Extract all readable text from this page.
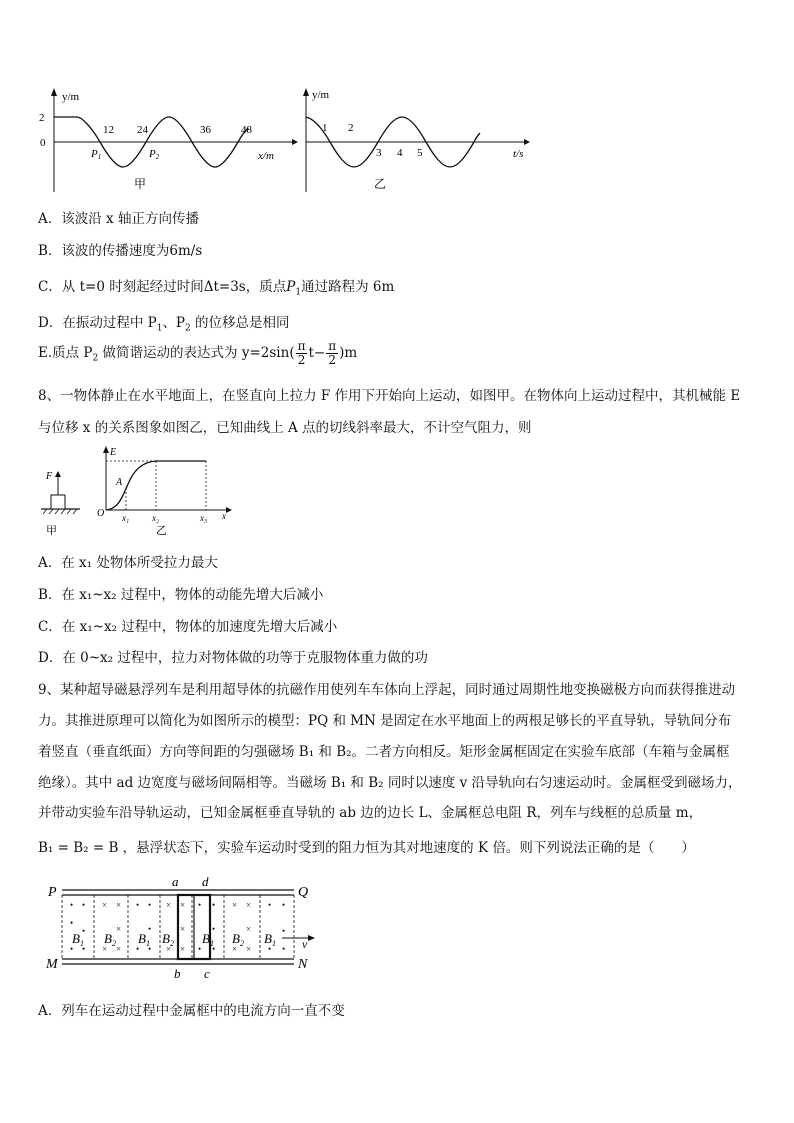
y/m
2
0
12 24	36	48
x/m
P1	P2
甲
y/m
1 2
3 4 5	t/s
乙
A．该波沿 x 轴正方向传播
B．该波的传播速度为6m/s
C．从 t=0 时刻起经过时间Δt=3s，质点$P_1$通过路程为 6m
D．在振动过程中 $P_1$、$P_2$ 的位移总是相同
E.质点 $P_2$ 做简谐运动的表达式为 $y=2\sin( \frac{\pi}{2} t- \frac{\pi}{2} )m$
8、一物体静止在水平地面上，在竖直向上拉力 F 作用下开始向上运动，如图甲。在物体向上运动过程中，其机械能 E
与位移 x 的关系图象如图乙，已知曲线上 A 点的切线斜率最大，不计空气阻力，则
F
甲
E
A
O x₁	x₂	x₃ x
乙
A．在 x₁ 处物体所受拉力最大
B．在 x₁~x₂ 过程中，物体的动能先增大后减小
C．在 x₁~x₂ 过程中，物体的加速度先增大后减小
D．在 0~x₂ 过程中，拉力对物体做的功等于克服物体重力做的功
9、某种超导磁悬浮列车是利用超导体的抗磁作用使列车车体向上浮起，同时通过周期性地变换磁极方向而获得推进动
力。其推进原理可以简化为如图所示的模型：PQ 和 MN 是固定在水平地面上的两根足够长的平直导轨，导轨间分布
着竖直（垂直纸面）方向等间距的匀强磁场 B₁ 和 B₂。二者方向相反。矩形金属框固定在实验车底部（车箱与金属框
绝缘）。其中 ad 边宽度与磁场间隔相等。当磁场 B₁ 和 B₂ 同时以速度 v 沿导轨向右匀速运动时。金属框受到磁场力，
并带动实验车沿导轨运动，已知金属框垂直导轨的 ab 边的边长 L、金属框总电阻 R，列车与线框的总质量 m，
B₁ = B₂ = B ，悬浮状态下，实验车运动时受到的阻力恒为其对地速度的 K 倍。则下列说法正确的是（　　）
• •
•
•
• •
× ×
×
× ×
• •
•
• •
× ×
×
× ×
• •
•
• •
× ×
×
× ×
• •
•
• •
$B_1$ $B_2$ $B_1$ $B_2$ $B_1$ $B_2$ $B_1$ v
P	Q
M	N
a d
b c
A．列车在运动过程中金属框中的电流方向一直不变
